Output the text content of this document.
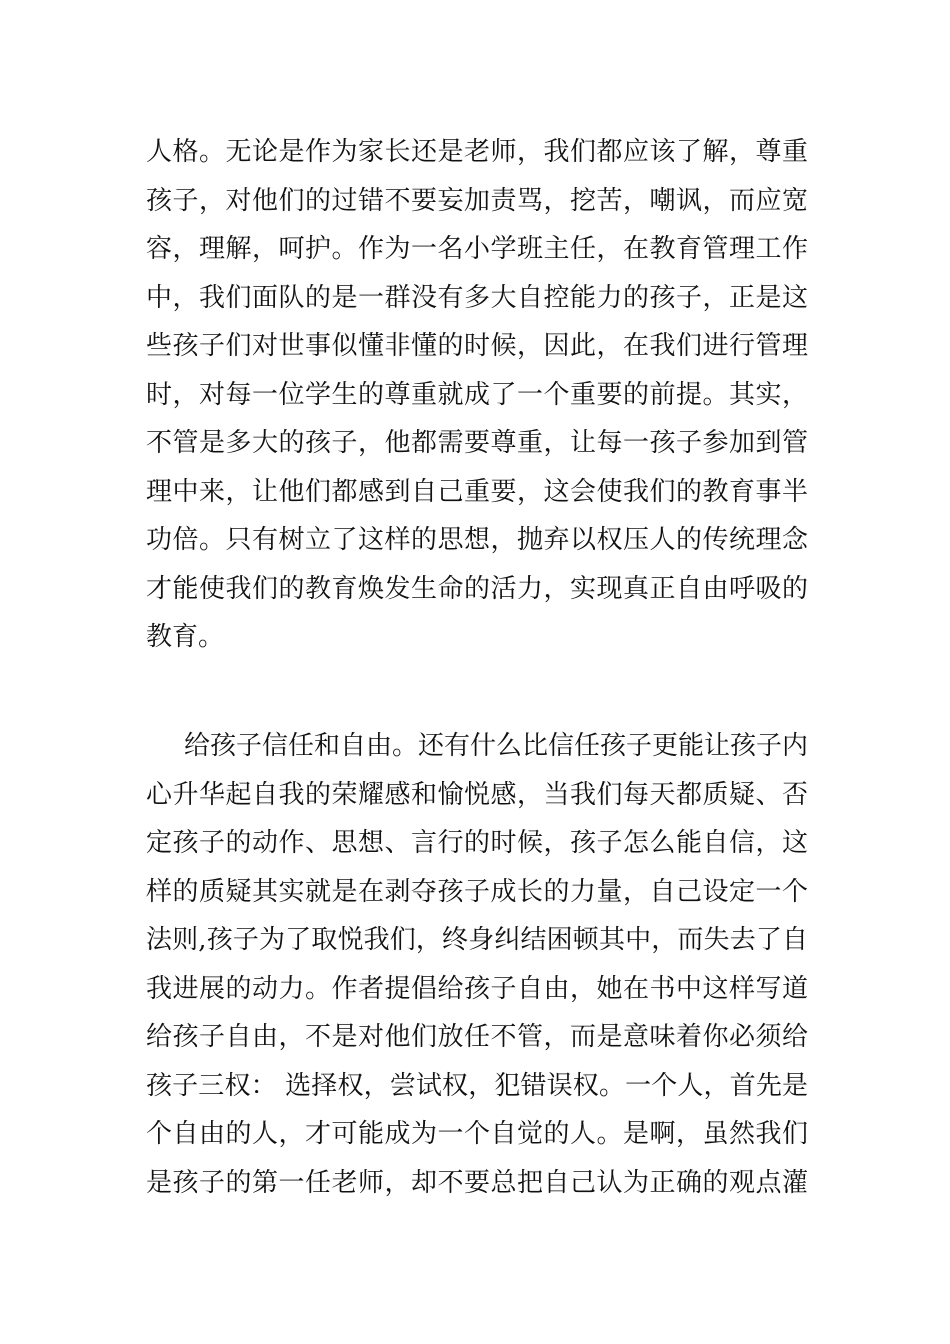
人格。无论是作为家长还是老师，我们都应该了解，尊重
孩子，对他们的过错不要妄加责骂，挖苦，嘲讽，而应宽
容，理解，呵护。作为一名小学班主任，在教育管理工作
中，我们面队的是一群没有多大自控能力的孩子，正是这
些孩子们对世事似懂非懂的时候，因此，在我们进行管理
时，对每一位学生的尊重就成了一个重要的前提。其实，
不管是多大的孩子，他都需要尊重，让每一孩子参加到管
理中来，让他们都感到自己重要，这会使我们的教育事半
功倍。只有树立了这样的思想，抛弃以权压人的传统理念
才能使我们的教育焕发生命的活力，实现真正自由呼吸的
教育。
给孩子信任和自由。还有什么比信任孩子更能让孩子内
心升华起自我的荣耀感和愉悦感，当我们每天都质疑、否
定孩子的动作、思想、言行的时候，孩子怎么能自信，这
样的质疑其实就是在剥夺孩子成长的力量，自己设定一个
法则,孩子为了取悦我们，终身纠结困顿其中，而失去了自
我进展的动力。作者提倡给孩子自由，她在书中这样写道
给孩子自由，不是对他们放任不管，而是意味着你必须给
孩子三权： 选择权，尝试权，犯错误权。一个人，首先是
个自由的人，才可能成为一个自觉的人。是啊，虽然我们
是孩子的第一任老师，却不要总把自己认为正确的观点灌
